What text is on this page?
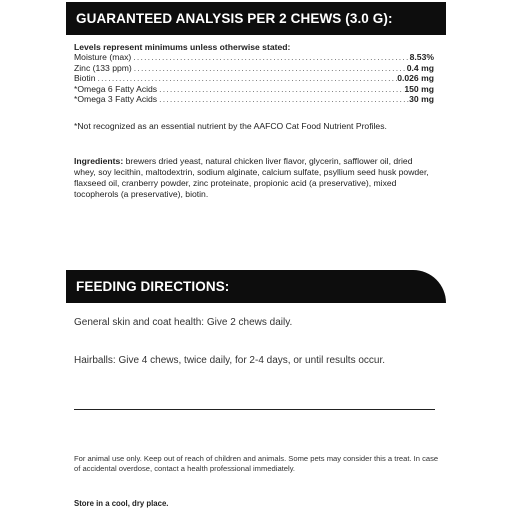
GUARANTEED ANALYSIS PER 2 CHEWS (3.0 G):
Levels represent minimums unless otherwise stated:
Moisture (max) .....	8.53%
Zinc (133 ppm) .....	0.4 mg
Biotin .....	0.026 mg
*Omega 6 Fatty Acids .....	150 mg
*Omega 3 Fatty Acids .....	30 mg
*Not recognized as an essential nutrient by the AAFCO Cat Food Nutrient Profiles.
Ingredients: brewers dried yeast, natural chicken liver flavor, glycerin, safflower oil, dried whey, soy lecithin, maltodextrin, sodium alginate, calcium sulfate, psyllium seed husk powder, flaxseed oil, cranberry powder, zinc proteinate, propionic acid (a preservative), mixed tocopherols (a preservative), biotin.
FEEDING DIRECTIONS:
General skin and coat health: Give 2 chews daily.
Hairballs: Give 4 chews, twice daily, for 2-4 days, or until results occur.
For animal use only. Keep out of reach of children and animals. Some pets may consider this a treat. In case of accidental overdose, contact a health professional immediately.
Store in a cool, dry place.
